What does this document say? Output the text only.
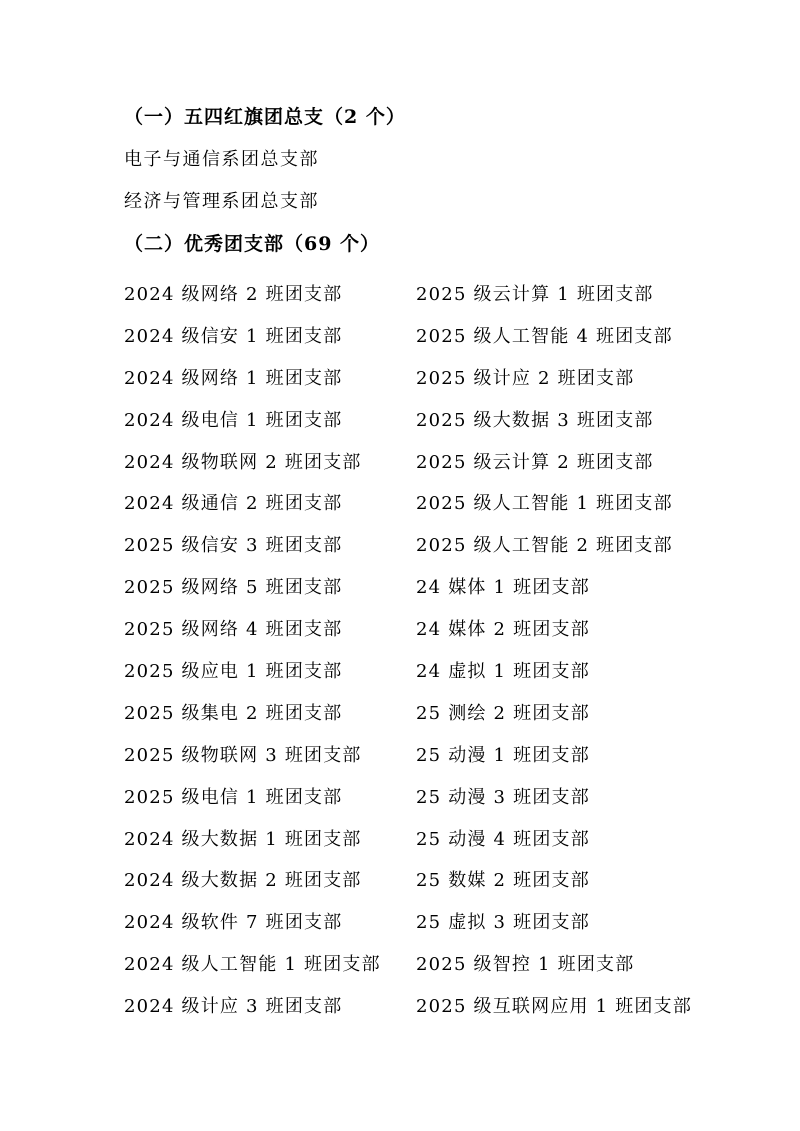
（一）五四红旗团总支（2 个）
电子与通信系团总支部
经济与管理系团总支部
（二）优秀团支部（69 个）
2024 级网络 2 班团支部	2025 级云计算 1 班团支部
2024 级信安 1 班团支部	2025 级人工智能 4 班团支部
2024 级网络 1 班团支部	2025 级计应 2 班团支部
2024 级电信 1 班团支部	2025 级大数据 3 班团支部
2024 级物联网 2 班团支部	2025 级云计算 2 班团支部
2024 级通信 2 班团支部	2025 级人工智能 1 班团支部
2025 级信安 3 班团支部	2025 级人工智能 2 班团支部
2025 级网络 5 班团支部	24 媒体 1 班团支部
2025 级网络 4 班团支部	24 媒体 2 班团支部
2025 级应电 1 班团支部	24 虚拟 1 班团支部
2025 级集电 2 班团支部	25 测绘 2 班团支部
2025 级物联网 3 班团支部	25 动漫 1 班团支部
2025 级电信 1 班团支部	25 动漫 3 班团支部
2024 级大数据 1 班团支部	25 动漫 4 班团支部
2024 级大数据 2 班团支部	25 数媒 2 班团支部
2024 级软件 7 班团支部	25 虚拟 3 班团支部
2024 级人工智能 1 班团支部	2025 级智控 1 班团支部
2024 级计应 3 班团支部	2025 级互联网应用 1 班团支部
